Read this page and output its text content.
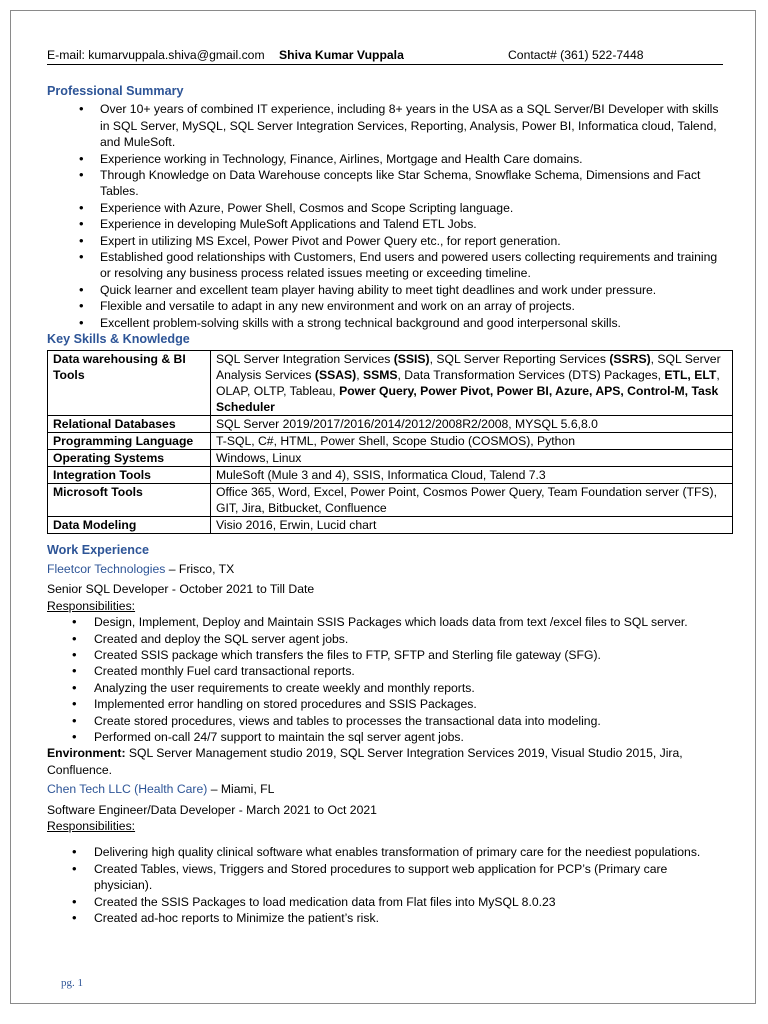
E-mail: kumarvuppala.shiva@gmail.com Shiva Kumar Vuppala	Contact# (361) 522-7448
Professional Summary
• Over 10+ years of combined IT experience, including 8+ years in the USA as a SQL Server/BI Developer with skills in SQL Server, MySQL, SQL Server Integration Services, Reporting, Analysis, Power BI, Informatica cloud, Talend, and MuleSoft.
• Experience working in Technology, Finance, Airlines, Mortgage and Health Care domains.
• Through Knowledge on Data Warehouse concepts like Star Schema, Snowflake Schema, Dimensions and Fact Tables.
• Experience with Azure, Power Shell, Cosmos and Scope Scripting language.
• Experience in developing MuleSoft Applications and Talend ETL Jobs.
• Expert in utilizing MS Excel, Power Pivot and Power Query etc., for report generation.
• Established good relationships with Customers, End users and powered users collecting requirements and training or resolving any business process related issues meeting or exceeding timeline.
• Quick learner and excellent team player having ability to meet tight deadlines and work under pressure.
• Flexible and versatile to adapt in any new environment and work on an array of projects.
• Excellent problem-solving skills with a strong technical background and good interpersonal skills.
Key Skills & Knowledge
Data warehousing & BI Tools	SQL Server Integration Services (SSIS), SQL Server Reporting Services (SSRS), SQL Server Analysis Services (SSAS), SSMS, Data Transformation Services (DTS) Packages, ETL, ELT, OLAP, OLTP, Tableau, Power Query, Power Pivot, Power BI, Azure, APS, Control-M, Task Scheduler
Relational Databases	SQL Server 2019/2017/2016/2014/2012/2008R2/2008, MYSQL 5.6,8.0
Programming Language	T-SQL, C#, HTML, Power Shell, Scope Studio (COSMOS), Python
Operating Systems	Windows, Linux
Integration Tools	MuleSoft (Mule 3 and 4), SSIS, Informatica Cloud, Talend 7.3
Microsoft Tools	Office 365, Word, Excel, Power Point, Cosmos Power Query, Team Foundation server (TFS), GIT, Jira, Bitbucket, Confluence
Data Modeling	Visio 2016, Erwin, Lucid chart
Work Experience
Fleetcor Technologies – Frisco, TX
Senior SQL Developer - October 2021 to Till Date
Responsibilities:
• Design, Implement, Deploy and Maintain SSIS Packages which loads data from text /excel files to SQL server.
• Created and deploy the SQL server agent jobs.
• Created SSIS package which transfers the files to FTP, SFTP and Sterling file gateway (SFG).
• Created monthly Fuel card transactional reports.
• Analyzing the user requirements to create weekly and monthly reports.
• Implemented error handling on stored procedures and SSIS Packages.
• Create stored procedures, views and tables to processes the transactional data into modeling.
• Performed on-call 24/7 support to maintain the sql server agent jobs.
Environment: SQL Server Management studio 2019, SQL Server Integration Services 2019, Visual Studio 2015, Jira, Confluence.
Chen Tech LLC (Health Care) – Miami, FL
Software Engineer/Data Developer - March 2021 to Oct 2021
Responsibilities:
• Delivering high quality clinical software what enables transformation of primary care for the neediest populations.
• Created Tables, views, Triggers and Stored procedures to support web application for PCP’s (Primary care physician).
• Created the SSIS Packages to load medication data from Flat files into MySQL 8.0.23
• Created ad-hoc reports to Minimize the patient’s risk.
pg. 1
